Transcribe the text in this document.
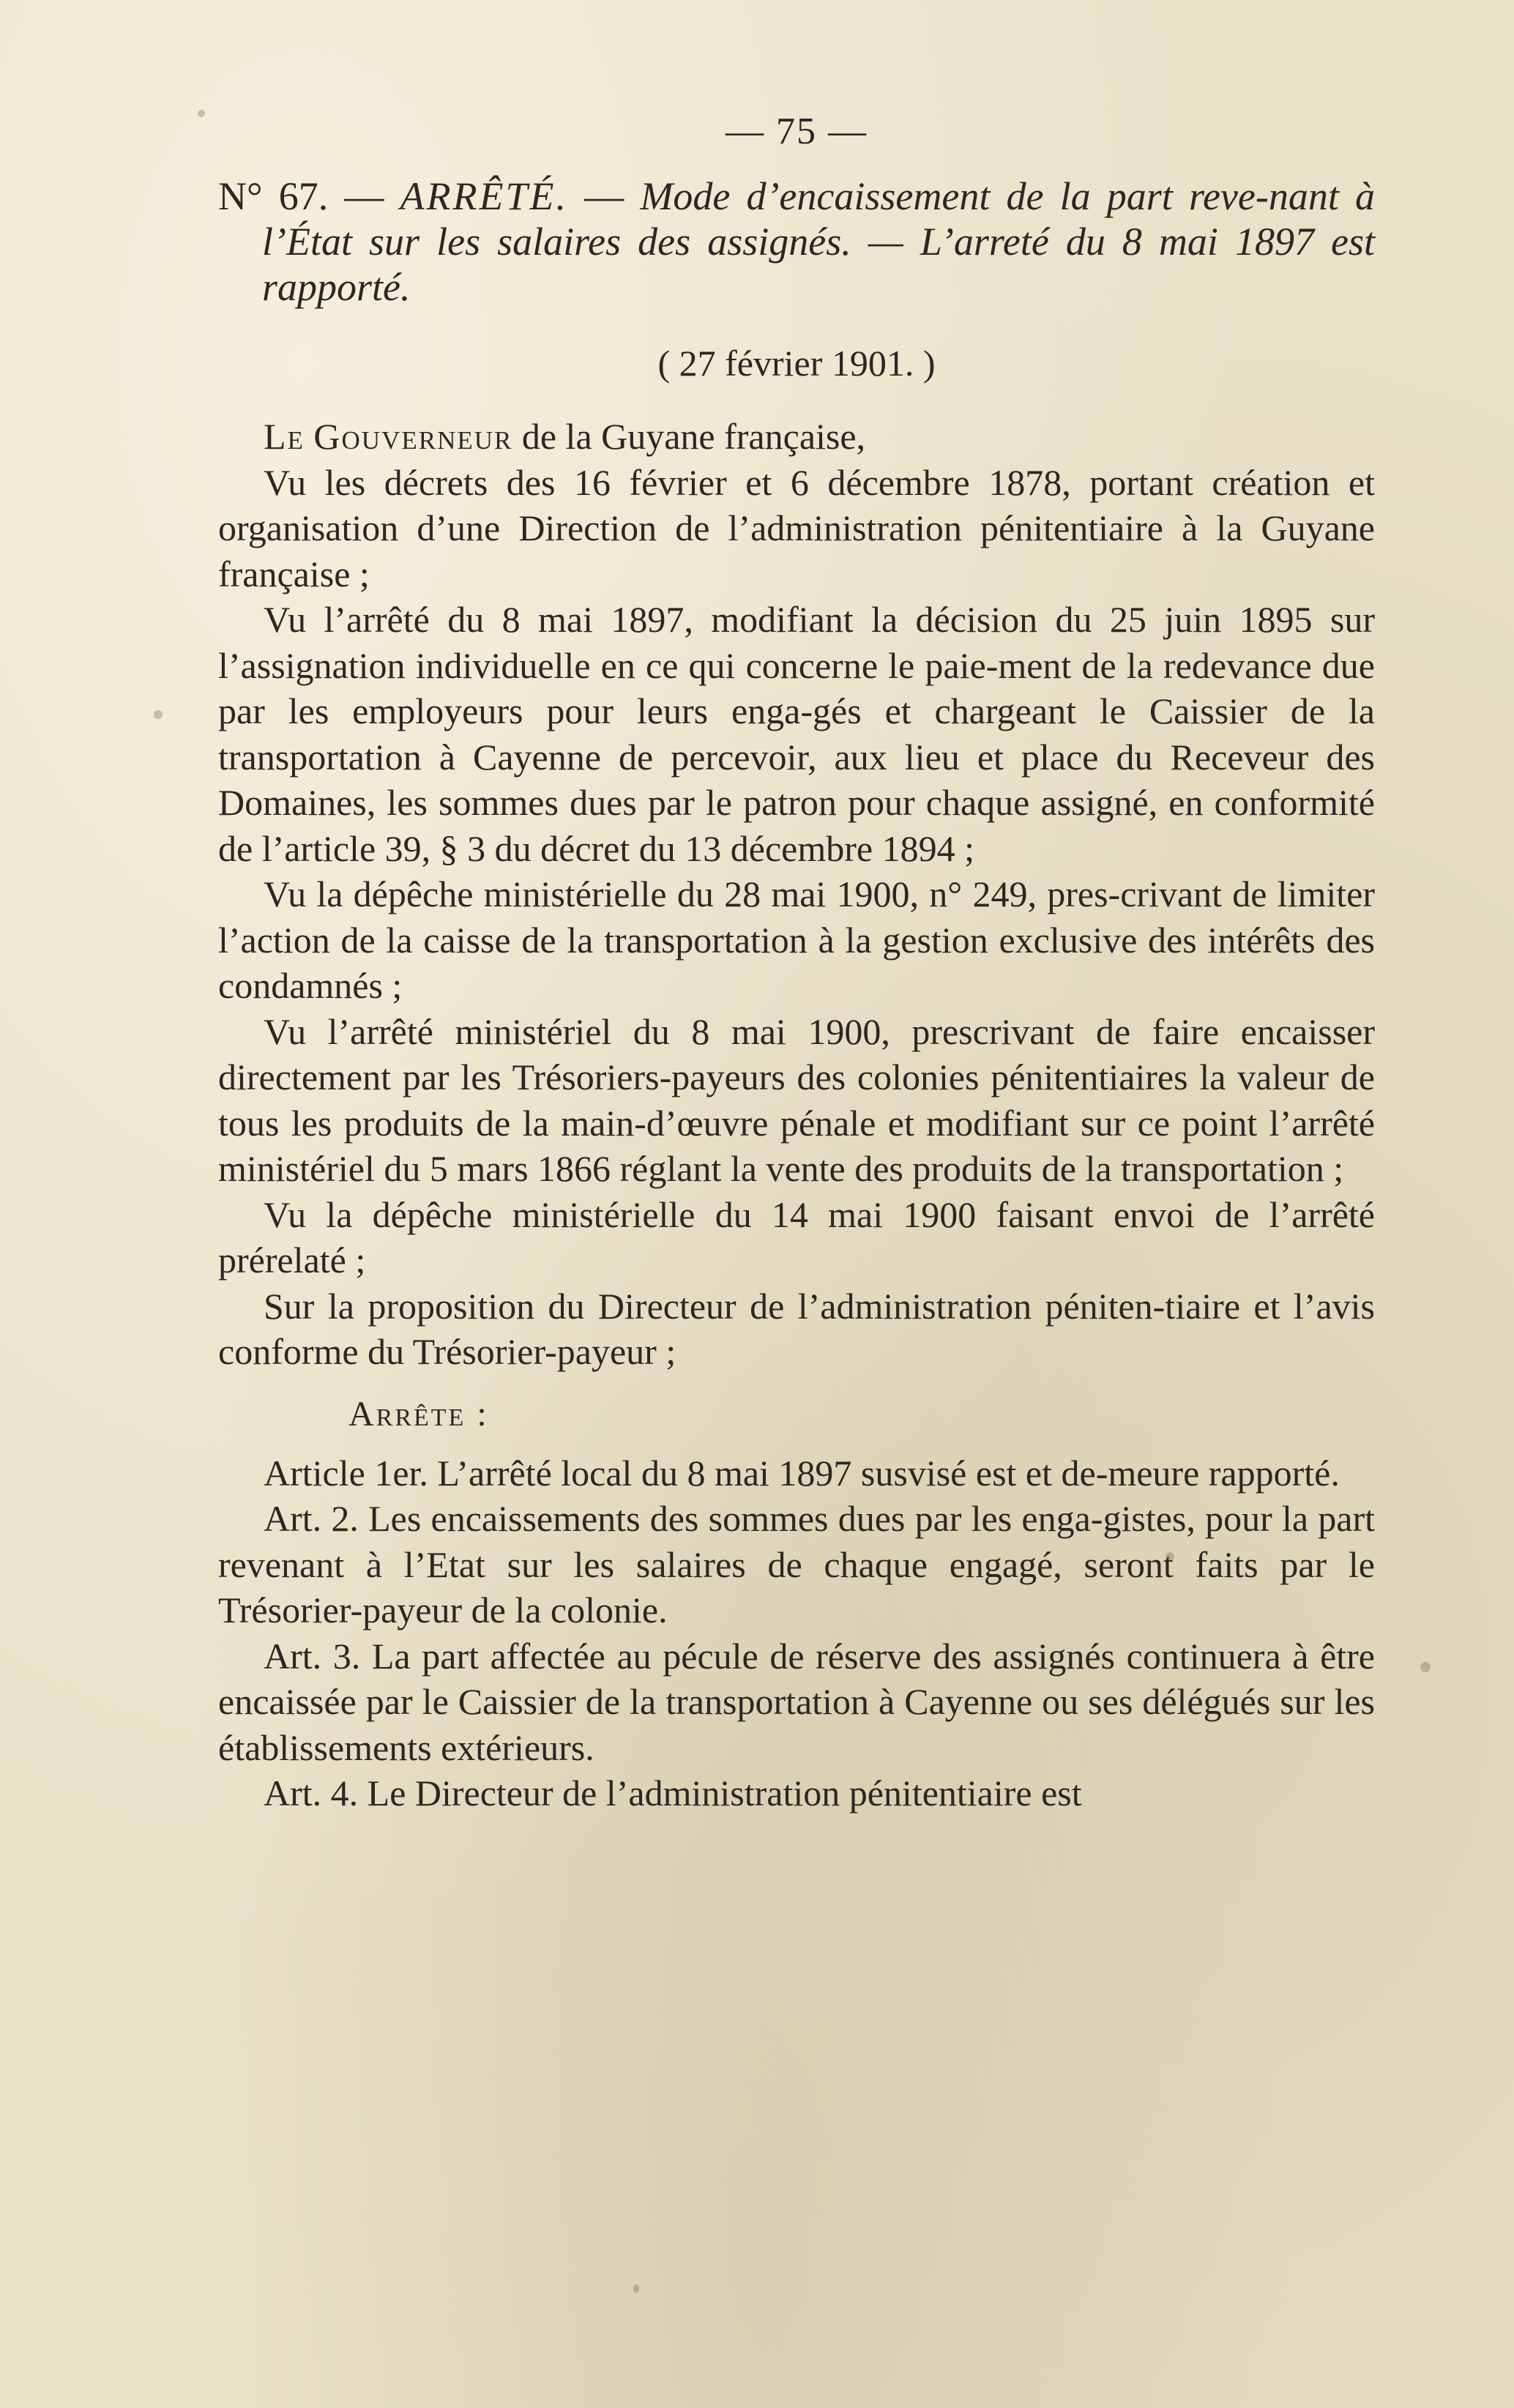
— 75 —
N° 67. — ARRÊTÉ. — Mode d’encaissement de la part reve-nant à l’État sur les salaires des assignés. — L’arreté du 8 mai 1897 est rapporté.
( 27 février 1901. )

Le Gouverneur de la Guyane française,

Vu les décrets des 16 février et 6 décembre 1878, portant création et organisation d’une Direction de l’administration pénitentiaire à la Guyane française ;

Vu l’arrêté du 8 mai 1897, modifiant la décision du 25 juin 1895 sur l’assignation individuelle en ce qui concerne le paie-ment de la redevance due par les employeurs pour leurs enga-gés et chargeant le Caissier de la transportation à Cayenne de percevoir, aux lieu et place du Receveur des Domaines, les sommes dues par le patron pour chaque assigné, en conformité de l’article 39, § 3 du décret du 13 décembre 1894 ;

Vu la dépêche ministérielle du 28 mai 1900, n° 249, pres-crivant de limiter l’action de la caisse de la transportation à la gestion exclusive des intérêts des condamnés ;

Vu l’arrêté ministériel du 8 mai 1900, prescrivant de faire encaisser directement par les Trésoriers-payeurs des colonies pénitentiaires la valeur de tous les produits de la main-d’œuvre pénale et modifiant sur ce point l’arrêté ministériel du 5 mars 1866 réglant la vente des produits de la transportation ;

Vu la dépêche ministérielle du 14 mai 1900 faisant envoi de l’arrêté prérelaté ;

Sur la proposition du Directeur de l’administration péniten-tiaire et l’avis conforme du Trésorier-payeur ;

Arrête :

Article 1er. L’arrêté local du 8 mai 1897 susvisé est et de-meure rapporté.

Art. 2. Les encaissements des sommes dues par les enga-gistes, pour la part revenant à l’Etat sur les salaires de chaque engagé, seront faits par le Trésorier-payeur de la colonie.

Art. 3. La part affectée au pécule de réserve des assignés continuera à être encaissée par le Caissier de la transportation à Cayenne ou ses délégués sur les établissements extérieurs.

Art. 4. Le Directeur de l’administration pénitentiaire est
